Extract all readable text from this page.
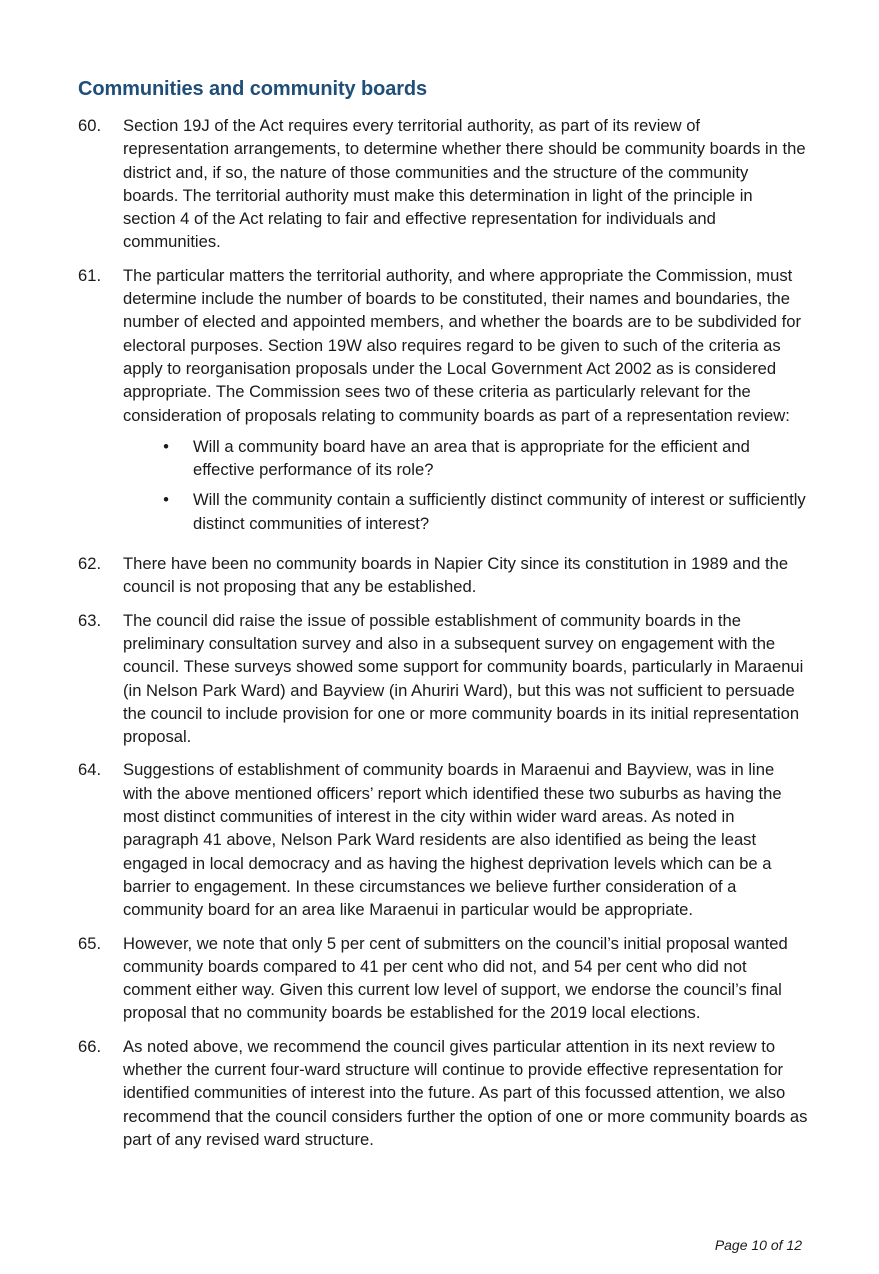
Communities and community boards
60.	Section 19J of the Act requires every territorial authority, as part of its review of representation arrangements, to determine whether there should be community boards in the district and, if so, the nature of those communities and the structure of the community boards. The territorial authority must make this determination in light of the principle in section 4 of the Act relating to fair and effective representation for individuals and communities.
61.	The particular matters the territorial authority, and where appropriate the Commission, must determine include the number of boards to be constituted, their names and boundaries, the number of elected and appointed members, and whether the boards are to be subdivided for electoral purposes. Section 19W also requires regard to be given to such of the criteria as apply to reorganisation proposals under the Local Government Act 2002 as is considered appropriate. The Commission sees two of these criteria as particularly relevant for the consideration of proposals relating to community boards as part of a representation review:
•	Will a community board have an area that is appropriate for the efficient and effective performance of its role?
•	Will the community contain a sufficiently distinct community of interest or sufficiently distinct communities of interest?
62.	There have been no community boards in Napier City since its constitution in 1989 and the council is not proposing that any be established.
63.	The council did raise the issue of possible establishment of community boards in the preliminary consultation survey and also in a subsequent survey on engagement with the council. These surveys showed some support for community boards, particularly in Maraenui (in Nelson Park Ward) and Bayview (in Ahuriri Ward), but this was not sufficient to persuade the council to include provision for one or more community boards in its initial representation proposal.
64.	Suggestions of establishment of community boards in Maraenui and Bayview, was in line with the above mentioned officers’ report which identified these two suburbs as having the most distinct communities of interest in the city within wider ward areas. As noted in paragraph 41 above, Nelson Park Ward residents are also identified as being the least engaged in local democracy and as having the highest deprivation levels which can be a barrier to engagement. In these circumstances we believe further consideration of a community board for an area like Maraenui in particular would be appropriate.
65.	However, we note that only 5 per cent of submitters on the council’s initial proposal wanted community boards compared to 41 per cent who did not, and 54 per cent who did not comment either way. Given this current low level of support, we endorse the council’s final proposal that no community boards be established for the 2019 local elections.
66.	As noted above, we recommend the council gives particular attention in its next review to whether the current four-ward structure will continue to provide effective representation for identified communities of interest into the future. As part of this focussed attention, we also recommend that the council considers further the option of one or more community boards as part of any revised ward structure.
Page 10 of 12
